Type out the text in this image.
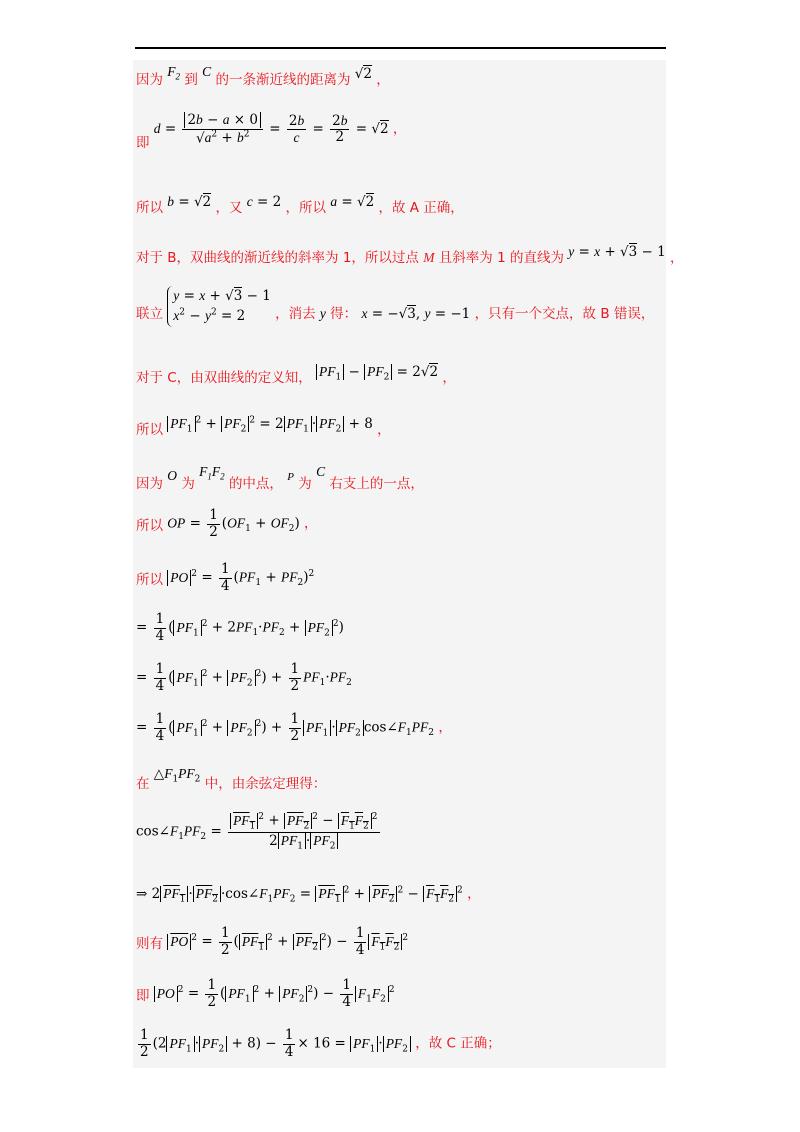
因为 $F_2$ 到 C 的一条渐近线的距离为 √2 ，
即 $d = \frac{2b - a \times 0}{√a^2 + b^2} = \frac{2b}{c} = \frac{2b}{2} = √2$ ，
所以 b = √2 ，又 c = 2 ，所以 a = √2 ，故 A 正确，
对于 B，双曲线的渐近线的斜率为 1，所以过点 M 且斜率为 1 的直线为 y = x + √3 − 1 ，
联立 y = x + √3 − 1
$x^2 - y^2 = 2$ ，消去 y 得： x = −√3, y = −1 ，只有一个交点，故 B 错误，
对于 C，由双曲线的定义知， $PF_1 - PF_2 = 2√2$ ，
所以 $PF_1^2 + PF_2^2 = 2$ $PF_1 \cdot PF_2 + 8$ ，
因为 O 为 $F_1F_2$ 的中点， P 为 C 右支上的一点，
所以 OP = $\frac{1}{2} (OF_1 + OF_2)$ ，
所以 PO $^2 = \frac{1}{4} (PF_1 + PF_2)^2$
= $\frac{1}{4}$ ( $PF_1^2 + 2PF_1\cdot PF_2 + PF_2^2$)
= $\frac{1}{4}$ ( $PF_1^2 + PF_2^2) + \frac{1}{2} PF_1\cdot PF_2$
= $\frac{1}{4}$ ( $PF_1^2 + PF_2^2) + \frac{1}{2} PF_1 \cdot PF_2$ $\cos\angle F_1PF_2$ ，
在 $\triangle F_1PF_2$ 中，由余弦定理得：
$\cos\angle F_1PF_2 = \frac{PF_1^2 + PF_2^2 - F_1F_2^2}{2 PF_1 \cdot PF_2}$
⇒ 2 $PF_1 \cdot PF_2$ $\cdot\cos\angle F_1PF_2 = PF_1^2 + PF_2^2 - F_1F_2^2$ ，
则有 $\overline{PO}$ $^2 = \frac{1}{2}$ ( $PF_1^2 + PF_2^2) - \frac{1}{4} F_1F_2^2$
即 PO $^2 = \frac{1}{2}$ ( $PF_1^2 + PF_2^2) - \frac{1}{4} F_1F_2^2$
$\frac{1}{2} (2$ $PF_1 \cdot PF_2 + 8) - \frac{1}{4} \times 16 = PF_1 \cdot PF_2$ ，故 C 正确；
